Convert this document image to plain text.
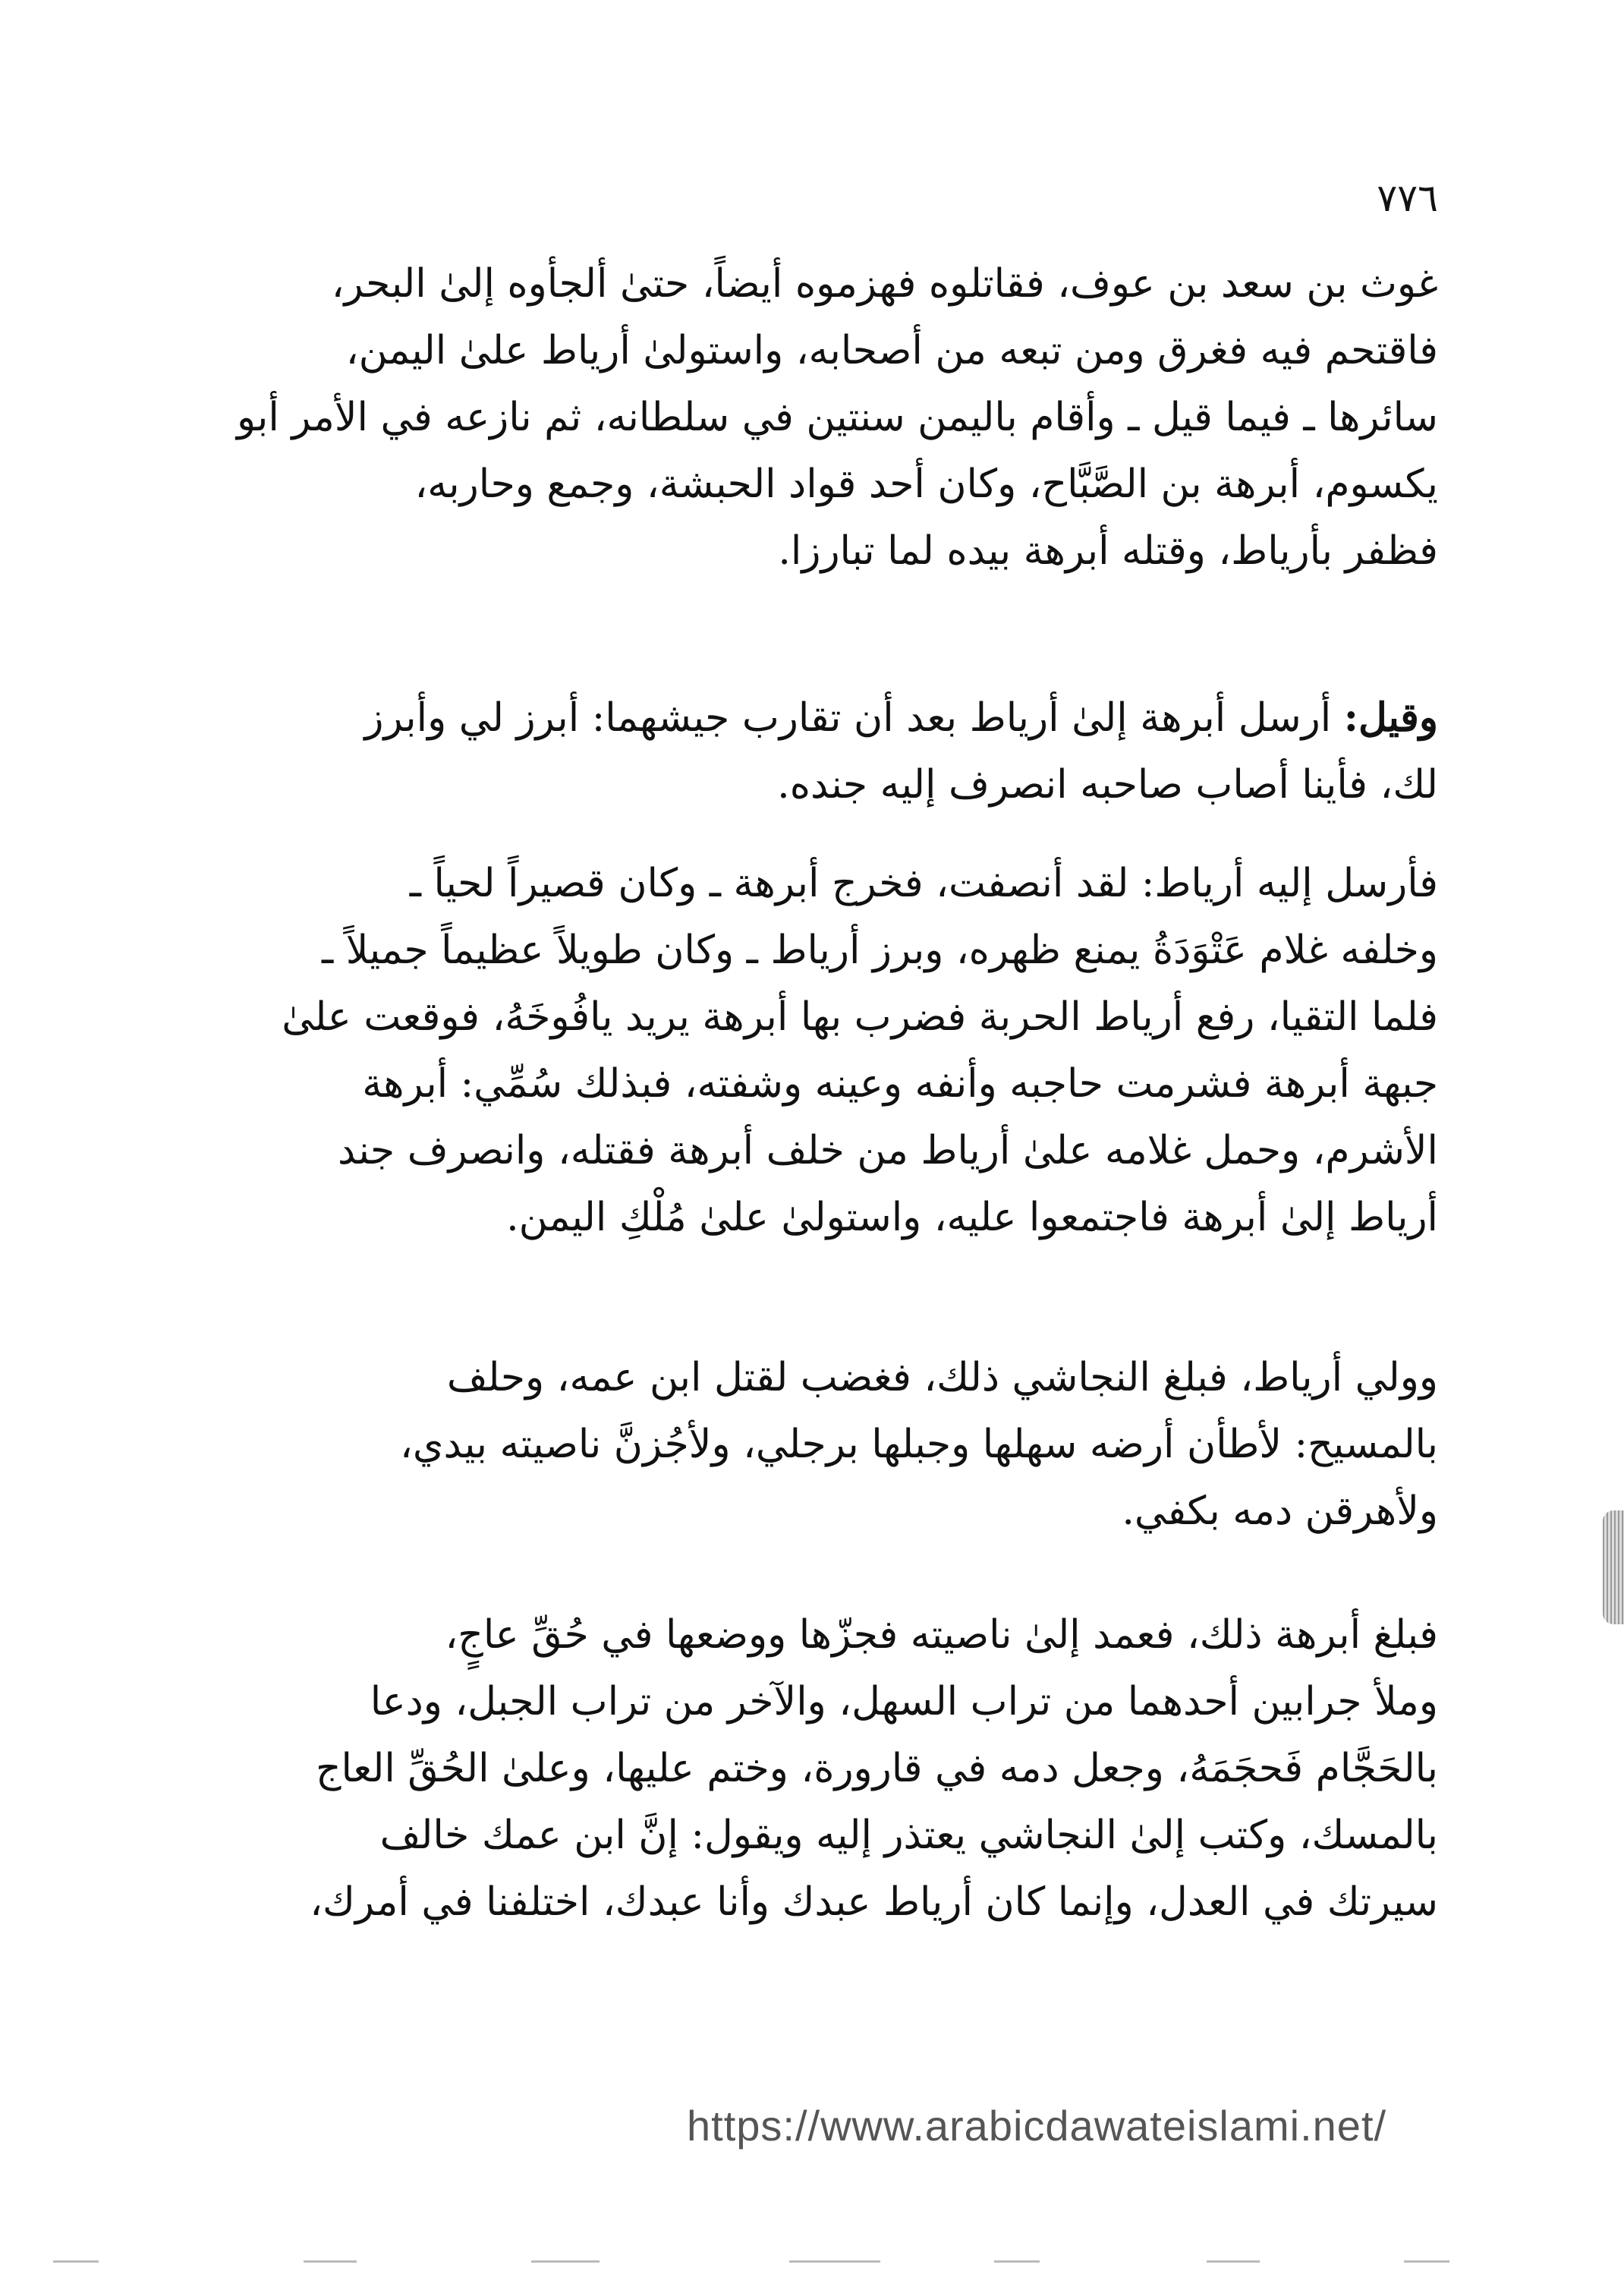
٧٧٦

غوث بن سعد بن عوف، فقاتلوه فهزموه أيضاً، حتىٰ ألجأوه إلىٰ البحر،
فاقتحم فيه فغرق ومن تبعه من أصحابه، واستولىٰ أرياط علىٰ اليمن،
سائرها ـ فيما قيل ـ وأقام باليمن سنتين في سلطانه، ثم نازعه في الأمر أبو
يكسوم، أبرهة بن الصَّبَّاح، وكان أحد قواد الحبشة، وجمع وحاربه،
فظفر بأرياط، وقتله أبرهة بيده لما تبارزا.

وقيل: أرسل أبرهة إلىٰ أرياط بعد أن تقارب جيشهما: أبرز لي وأبرز
لك، فأينا أصاب صاحبه انصرف إليه جنده.

فأرسل إليه أرياط: لقد أنصفت، فخرج أبرهة ـ وكان قصيراً لحياً ـ
وخلفه غلام عَتْوَدَةُ يمنع ظهره، وبرز أرياط ـ وكان طويلاً عظيماً جميلاً ـ
فلما التقيا، رفع أرياط الحربة فضرب بها أبرهة يريد يافُوخَهُ، فوقعت علىٰ
جبهة أبرهة فشرمت حاجبه وأنفه وعينه وشفته، فبذلك سُمِّي: أبرهة
الأشرم، وحمل غلامه علىٰ أرياط من خلف أبرهة فقتله، وانصرف جند
أرياط إلىٰ أبرهة فاجتمعوا عليه، واستولىٰ علىٰ مُلْكِ اليمن.

وولي أرياط، فبلغ النجاشي ذلك، فغضب لقتل ابن عمه، وحلف
بالمسيح: لأطأن أرضه سهلها وجبلها برجلي، ولأجُزنَّ ناصيته بيدي،
ولأهرقن دمه بكفي.

فبلغ أبرهة ذلك، فعمد إلىٰ ناصيته فجزّها ووضعها في حُقِّ عاجٍ،
وملأ جرابين أحدهما من تراب السهل، والآخر من تراب الجبل، ودعا
بالحَجَّام فَحجَمَهُ، وجعل دمه في قارورة، وختم عليها، وعلىٰ الحُقِّ العاج
بالمسك، وكتب إلىٰ النجاشي يعتذر إليه ويقول: إنَّ ابن عمك خالف
سيرتك في العدل، وإنما كان أرياط عبدك وأنا عبدك، اختلفنا في أمرك،

https://www.arabicdawateislami.net/
